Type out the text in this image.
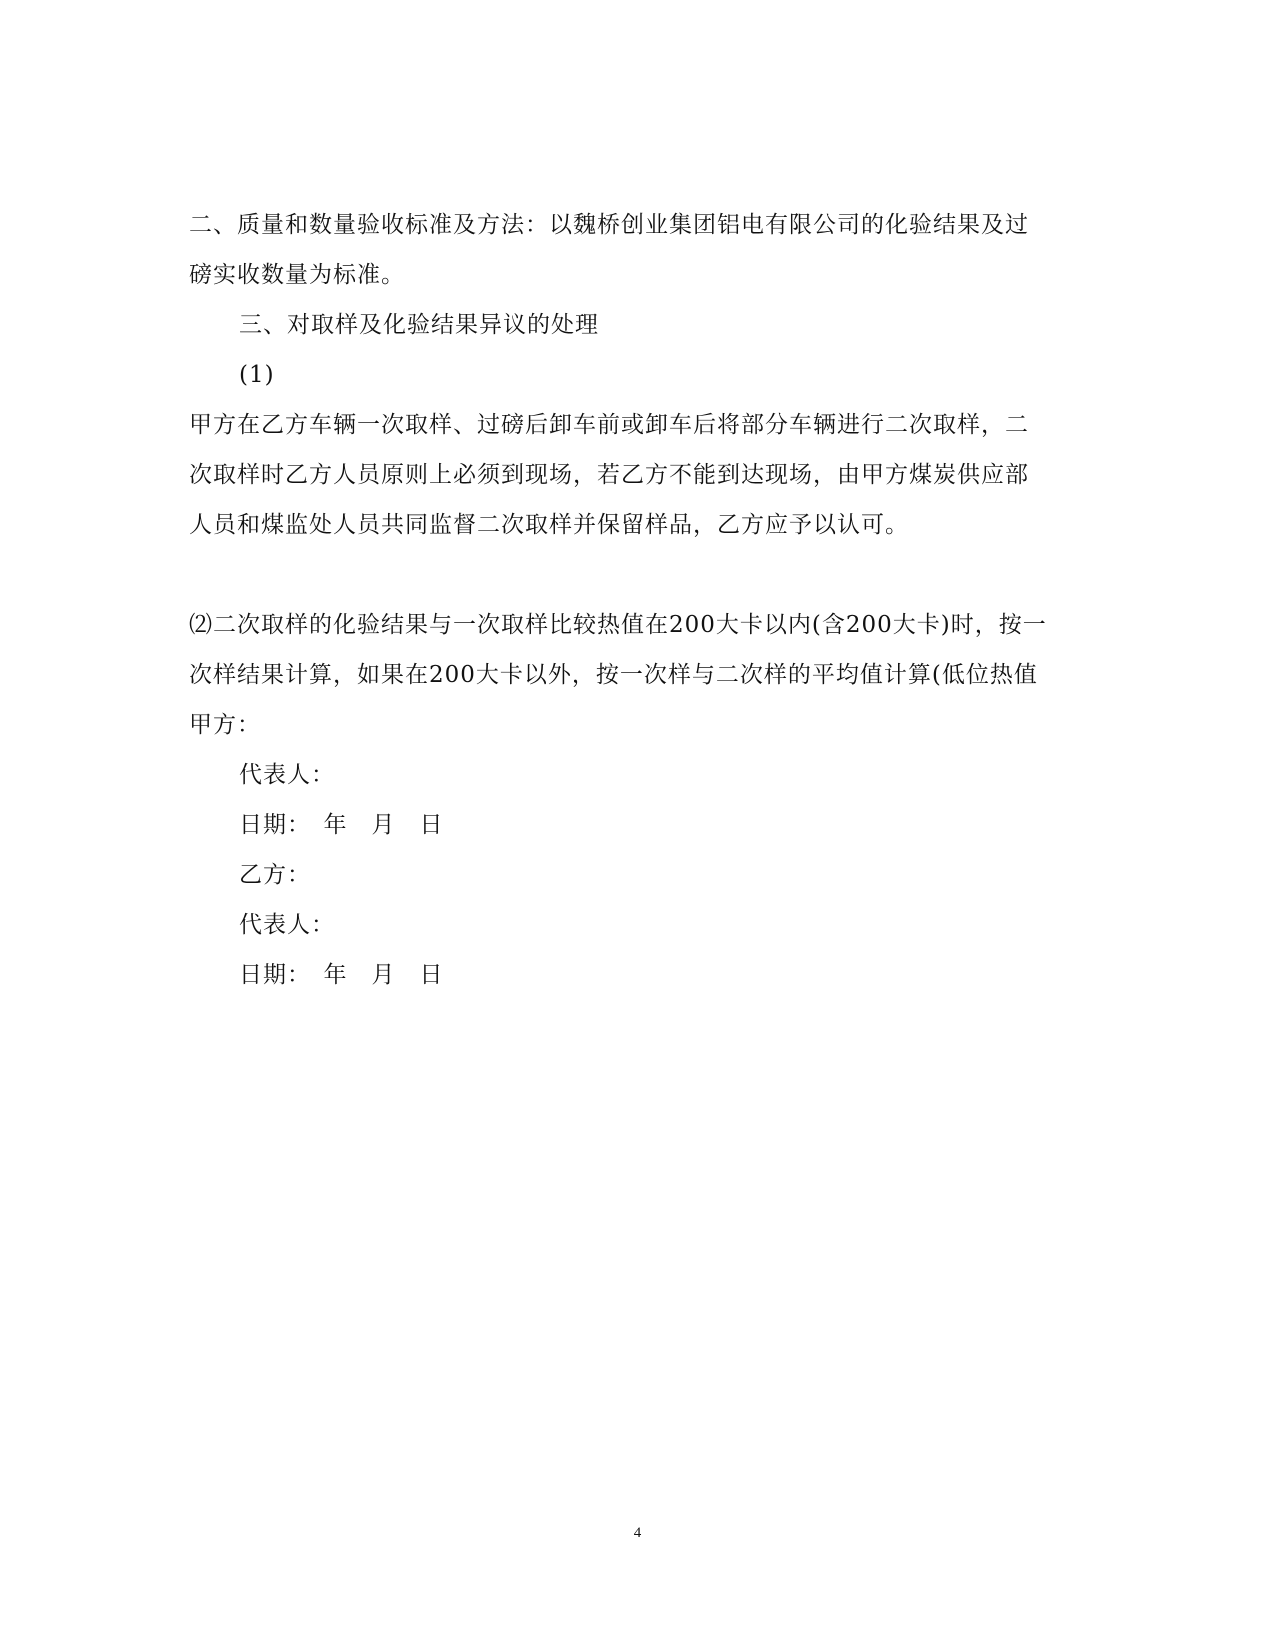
二、质量和数量验收标准及方法：以魏桥创业集团铝电有限公司的化验结果及过
磅实收数量为标准。
三、对取样及化验结果异议的处理
(1)
甲方在乙方车辆一次取样、过磅后卸车前或卸车后将部分车辆进行二次取样，二
次取样时乙方人员原则上必须到现场，若乙方不能到达现场，由甲方煤炭供应部
人员和煤监处人员共同监督二次取样并保留样品，乙方应予以认可。
⑵二次取样的化验结果与一次取样比较热值在200大卡以内(含200大卡)时，按一
次样结果计算，如果在200大卡以外，按一次样与二次样的平均值计算(低位热值
甲方：
代表人：
日期：　年　月　日
乙方：
代表人：
日期：　年　月　日
4
